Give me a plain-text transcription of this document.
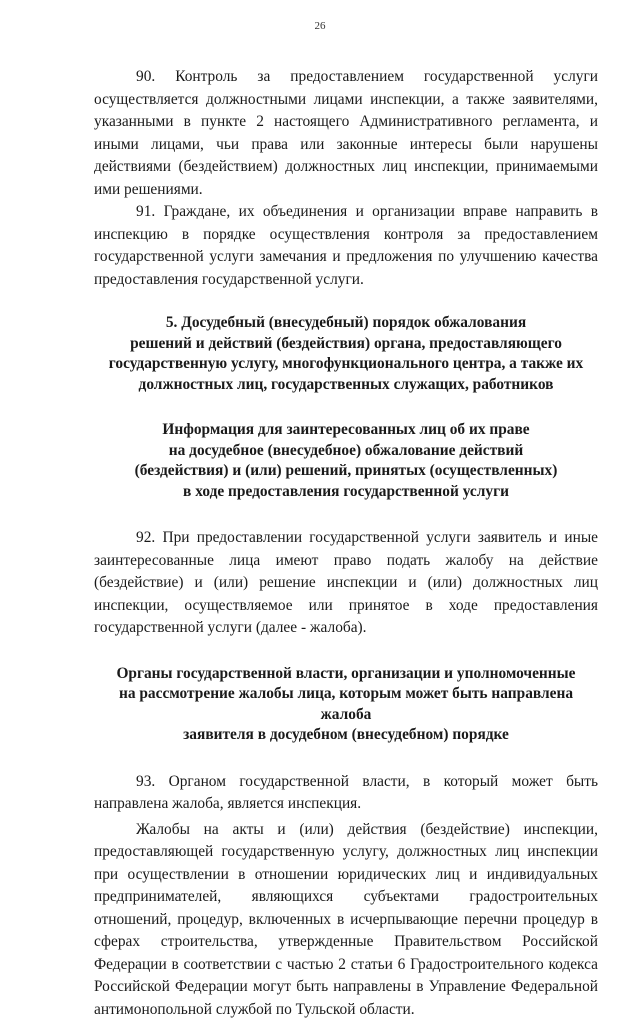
26

90. Контроль за предоставлением государственной услуги осуществляется должностными лицами инспекции, а также заявителями, указанными в пункте 2 настоящего Административного регламента, и иными лицами, чьи права или законные интересы были нарушены действиями (бездействием) должностных лиц инспекции, принимаемыми ими решениями.

91. Граждане, их объединения и организации вправе направить в инспекцию в порядке осуществления контроля за предоставлением государственной услуги замечания и предложения по улучшению качества предоставления государственной услуги.

5. Досудебный (внесудебный) порядок обжалования
решений и действий (бездействия) органа, предоставляющего
государственную услугу, многофункционального центра, а также их
должностных лиц, государственных служащих, работников
Информация для заинтересованных лиц об их праве
на досудебное (внесудебное) обжалование действий
(бездействия) и (или) решений, принятых (осуществленных)
в ходе предоставления государственной услуги

92. При предоставлении государственной услуги заявитель и иные заинтересованные лица имеют право подать жалобу на действие (бездействие) и (или) решение инспекции и (или) должностных лиц инспекции, осуществляемое или принятое в ходе предоставления государственной услуги (далее - жалоба).

Органы государственной власти, организации и уполномоченные
на рассмотрение жалобы лица, которым может быть направлена жалоба
заявителя в досудебном (внесудебном) порядке

93. Органом государственной власти, в который может быть направлена жалоба, является инспекция.

Жалобы на акты и (или) действия (бездействие) инспекции, предоставляющей государственную услугу, должностных лиц инспекции при осуществлении в отношении юридических лиц и индивидуальных предпринимателей, являющихся субъектами градостроительных отношений, процедур, включенных в исчерпывающие перечни процедур в сферах строительства, утвержденные Правительством Российской Федерации в соответствии с частью 2 статьи 6 Градостроительного кодекса Российской Федерации могут быть направлены в Управление Федеральной антимонопольной службой по Тульской области.
